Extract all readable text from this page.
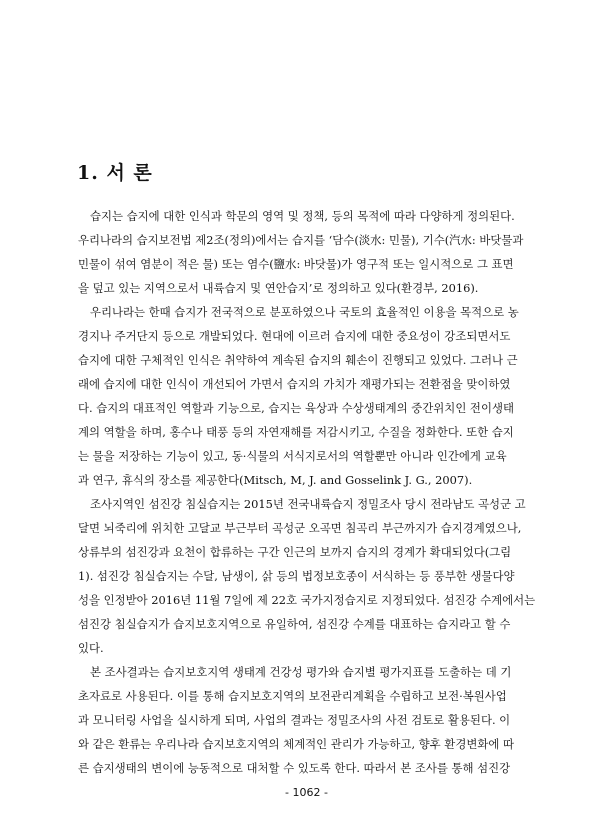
1. 서 론
습지는 습지에 대한 인식과 학문의 영역 및 정책, 등의 목적에 따라 다양하게 정의된다.
우리나라의 습지보전법 제2조(정의)에서는 습지를 ‘담수(淡水: 민물), 기수(汽水: 바닷물과
민물이 섞여 염분이 적은 물) 또는 염수(鹽水: 바닷물)가 영구적 또는 일시적으로 그 표면
을 덮고 있는 지역으로서 내륙습지 및 연안습지’로 정의하고 있다(환경부, 2016).
우리나라는 한때 습지가 전국적으로 분포하였으나 국토의 효율적인 이용을 목적으로 농
경지나 주거단지 등으로 개발되었다. 현대에 이르러 습지에 대한 중요성이 강조되면서도
습지에 대한 구체적인 인식은 취약하여 계속된 습지의 훼손이 진행되고 있었다. 그러나 근
래에 습지에 대한 인식이 개선되어 가면서 습지의 가치가 재평가되는 전환점을 맞이하였
다. 습지의 대표적인 역할과 기능으로, 습지는 육상과 수상생태계의 중간위치인 전이생태
계의 역할을 하며, 홍수나 태풍 등의 자연재해를 저감시키고, 수질을 정화한다. 또한 습지
는 물을 저장하는 기능이 있고, 동·식물의 서식지로서의 역할뿐만 아니라 인간에게 교육
과 연구, 휴식의 장소를 제공한다(Mitsch, M, J. and Gosselink J. G., 2007).
조사지역인 섬진강 침실습지는 2015년 전국내륙습지 정밀조사 당시 전라남도 곡성군 고
달면 뇌죽리에 위치한 고달교 부근부터 곡성군 오곡면 침곡리 부근까지가 습지경계였으나,
상류부의 섬진강과 요천이 합류하는 구간 인근의 보까지 습지의 경계가 확대되었다(그림
1). 섬진강 침실습지는 수달, 남생이, 삵 등의 법정보호종이 서식하는 등 풍부한 생물다양
성을 인정받아 2016년 11월 7일에 제 22호 국가지정습지로 지정되었다. 섬진강 수계에서는
섬진강 침실습지가 습지보호지역으로 유일하여, 섬진강 수계를 대표하는 습지라고 할 수
있다.
본 조사결과는 습지보호지역 생태계 건강성 평가와 습지별 평가지표를 도출하는 데 기
초자료로 사용된다. 이를 통해 습지보호지역의 보전관리계획을 수립하고 보전·복원사업
과 모니터링 사업을 실시하게 되며, 사업의 결과는 정밀조사의 사전 검토로 활용된다. 이
와 같은 환류는 우리나라 습지보호지역의 체계적인 관리가 가능하고, 향후 환경변화에 따
른 습지생태의 변이에 능동적으로 대처할 수 있도록 한다. 따라서 본 조사를 통해 섬진강
- 1062 -
